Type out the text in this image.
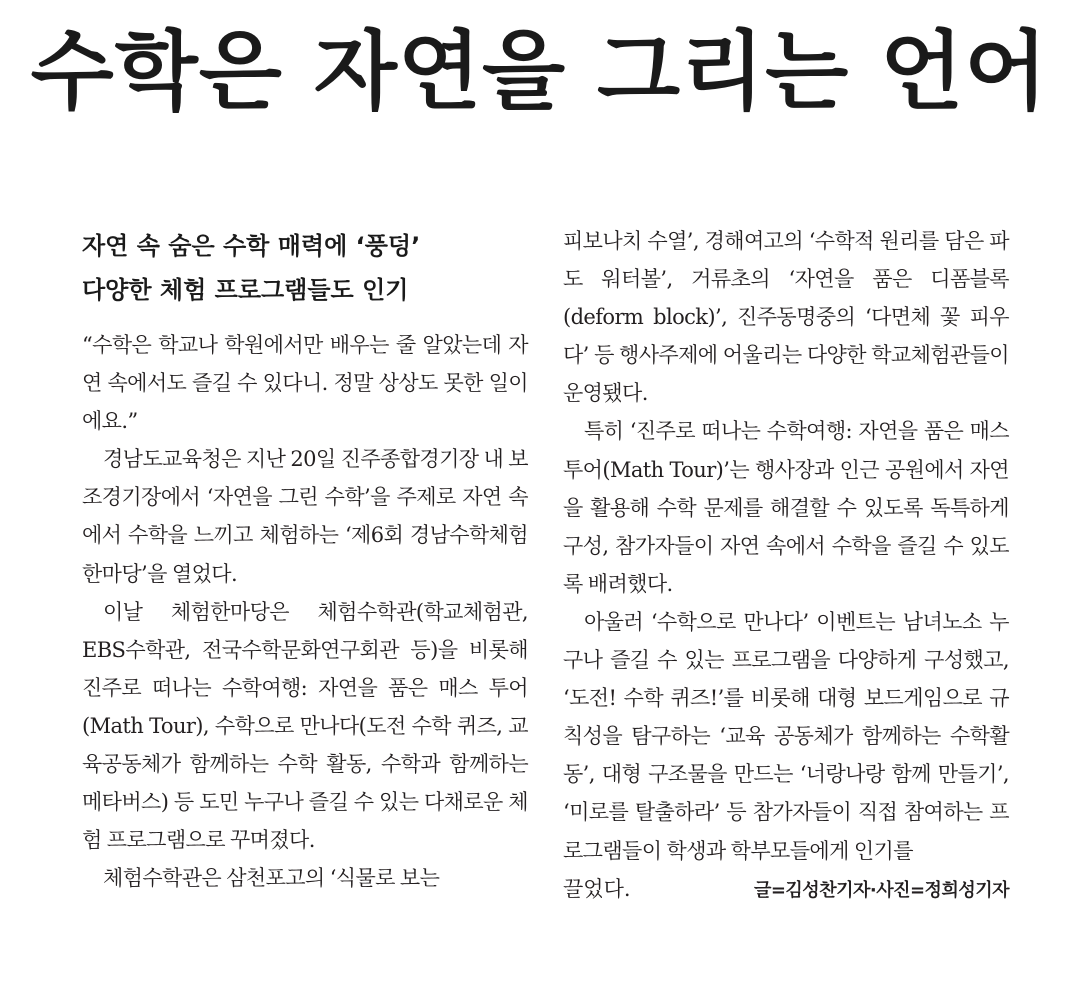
수학은 자연을 그리는 언어
자연 속 숨은 수학 매력에 ‘풍덩’
다양한 체험 프로그램들도 인기

“수학은 학교나 학원에서만 배우는 줄 알았는데 자연 속에서도 즐길 수 있다니. 정말 상상도 못한 일이에요.”

경남도교육청은 지난 20일 진주종합경기장 내 보조경기장에서 ‘자연을 그린 수학’을 주제로 자연 속에서 수학을 느끼고 체험하는 ‘제6회 경남수학체험한마당’을 열었다.

이날 체험한마당은 체험수학관(학교체험관, EBS수학관, 전국수학문화연구회관 등)을 비롯해 진주로 떠나는 수학여행: 자연을 품은 매스 투어(Math Tour), 수학으로 만나다(도전 수학 퀴즈, 교육공동체가 함께하는 수학 활동, 수학과 함께하는 메타버스) 등 도민 누구나 즐길 수 있는 다채로운 체험 프로그램으로 꾸며졌다.

체험수학관은 삼천포고의 ‘식물로 보는

피보나치 수열’, 경해여고의 ‘수학적 원리를 담은 파도 워터볼’, 거류초의 ‘자연을 품은 디폼블록(deform block)’, 진주동명중의 ‘다면체 꽃 피우다’ 등 행사주제에 어울리는 다양한 학교체험관들이 운영됐다.

특히 ‘진주로 떠나는 수학여행: 자연을 품은 매스 투어(Math Tour)’는 행사장과 인근 공원에서 자연을 활용해 수학 문제를 해결할 수 있도록 독특하게 구성, 참가자들이 자연 속에서 수학을 즐길 수 있도록 배려했다.

아울러 ‘수학으로 만나다’ 이벤트는 남녀노소 누구나 즐길 수 있는 프로그램을 다양하게 구성했고, ‘도전! 수학 퀴즈!’를 비롯해 대형 보드게임으로 규칙성을 탐구하는 ‘교육 공동체가 함께하는 수학활동’, 대형 구조물을 만드는 ‘너랑나랑 함께 만들기’, ‘미로를 탈출하라’ 등 참가자들이 직접 참여하는 프로그램들이 학생과 학부모들에게 인기를

끌었다.	글=김성찬기자·사진=정희성기자
